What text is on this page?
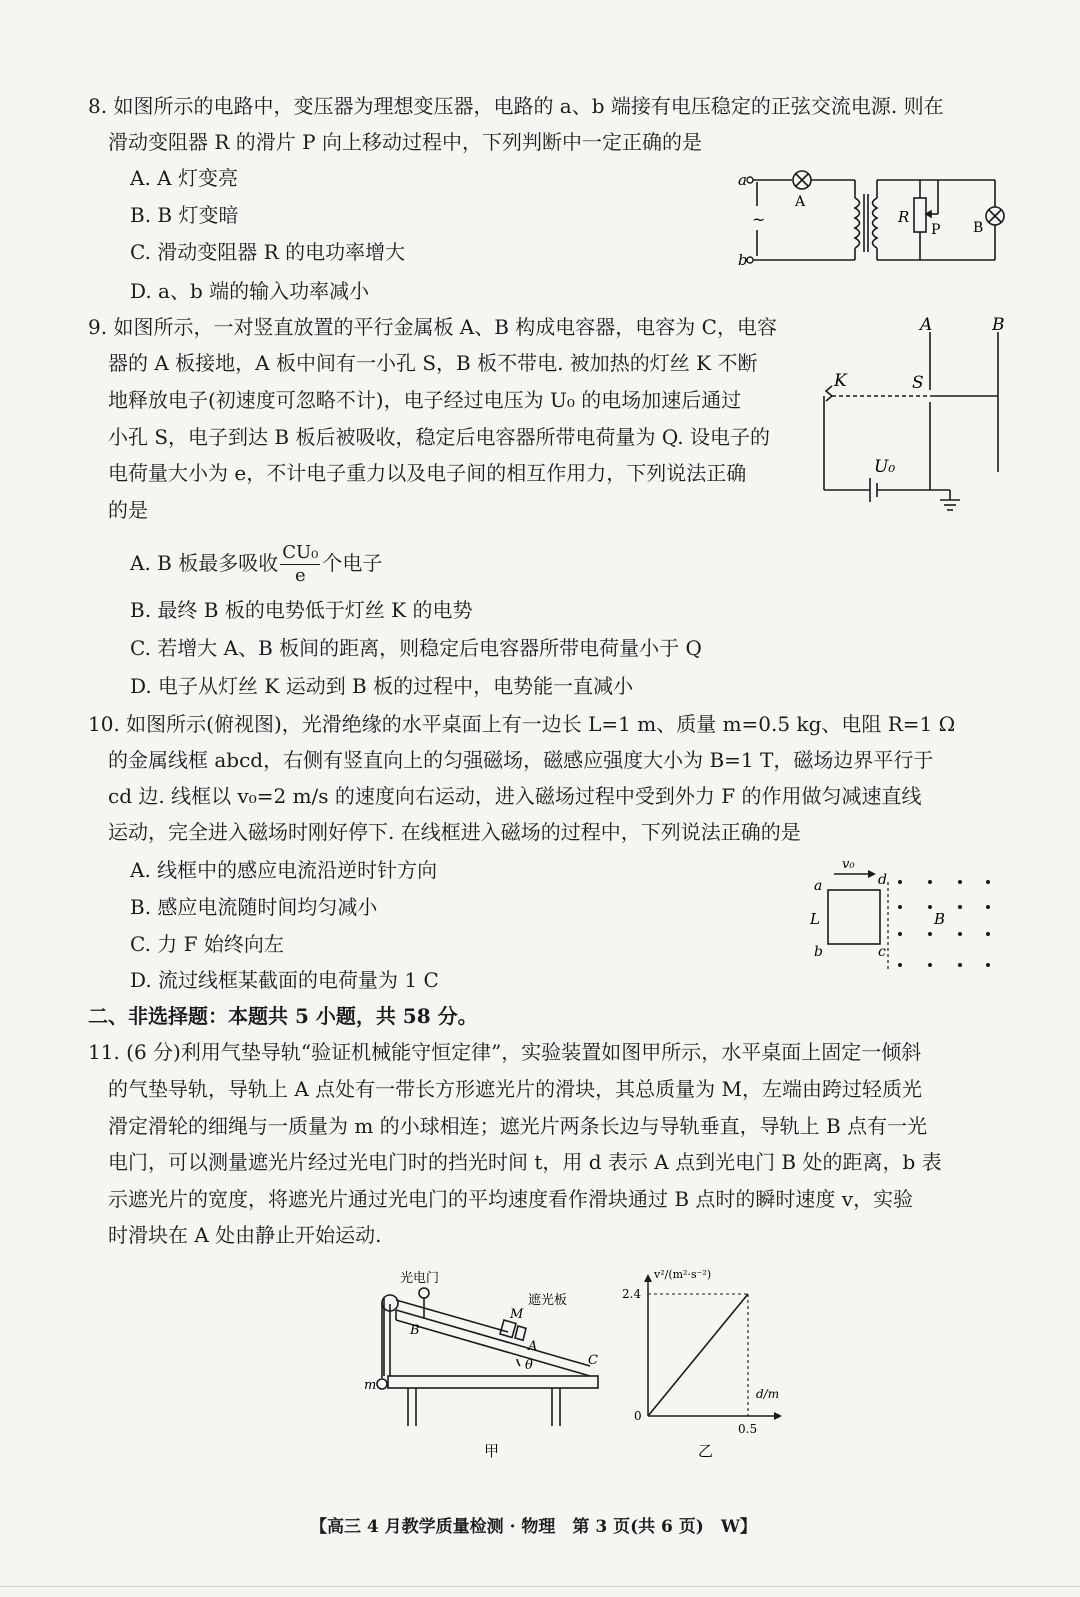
8. 如图所示的电路中，变压器为理想变压器，电路的 a、b 端接有电压稳定的正弦交流电源. 则在
滑动变阻器 R 的滑片 P 向上移动过程中，下列判断中一定正确的是
A. A 灯变亮
B. B 灯变暗
C. 滑动变阻器 R 的电功率增大
D. a、b 端的输入功率减小
a
b
~
A
R
P B
9. 如图所示，一对竖直放置的平行金属板 A、B 构成电容器，电容为 C，电容
器的 A 板接地，A 板中间有一小孔 S，B 板不带电. 被加热的灯丝 K 不断
地释放电子(初速度可忽略不计)，电子经过电压为 U₀ 的电场加速后通过
小孔 S，电子到达 B 板后被吸收，稳定后电容器所带电荷量为 Q. 设电子的
电荷量大小为 e，不计电子重力以及电子间的相互作用力，下列说法正确
的是
A. B 板最多吸收 $\frac{\text{CU₀}}{e}$ 个电子
B. 最终 B 板的电势低于灯丝 K 的电势
C. 若增大 A、B 板间的距离，则稳定后电容器所带电荷量小于 Q
D. 电子从灯丝 K 运动到 B 板的过程中，电势能一直减小
A	B
K	S
U₀
10. 如图所示(俯视图)，光滑绝缘的水平桌面上有一边长 L=1 m、质量 m=0.5 kg、电阻 R=1 Ω
的金属线框 abcd，右侧有竖直向上的匀强磁场，磁感应强度大小为 B=1 T，磁场边界平行于
cd 边. 线框以 v₀=2 m/s 的速度向右运动，进入磁场过程中受到外力 F 的作用做匀减速直线
运动，完全进入磁场时刚好停下. 在线框进入磁场的过程中，下列说法正确的是
A. 线框中的感应电流沿逆时针方向
B. 感应电流随时间均匀减小
C. 力 F 始终向左
D. 流过线框某截面的电荷量为 1 C
v₀
a
b	c
d
L	B
二、非选择题：本题共 5 小题，共 58 分。
11. (6 分)利用气垫导轨“验证机械能守恒定律”，实验装置如图甲所示，水平桌面上固定一倾斜
的气垫导轨，导轨上 A 点处有一带长方形遮光片的滑块，其总质量为 M，左端由跨过轻质光
滑定滑轮的细绳与一质量为 m 的小球相连；遮光片两条长边与导轨垂直，导轨上 B 点有一光
电门，可以测量遮光片经过光电门时的挡光时间 t，用 d 表示 A 点到光电门 B 处的距离，b 表
示遮光片的宽度，将遮光片通过光电门的平均速度看作滑块通过 B 点时的瞬时速度 v，实验
时滑块在 A 处由静止开始运动.
光电门
遮光板
M
A
B
C
θ
m
甲
v²/(m²·s⁻²)
d/m
2.4
0.5
0
乙
【高三 4 月教学质量检测 · 物理　第 3 页(共 6 页)　W】
